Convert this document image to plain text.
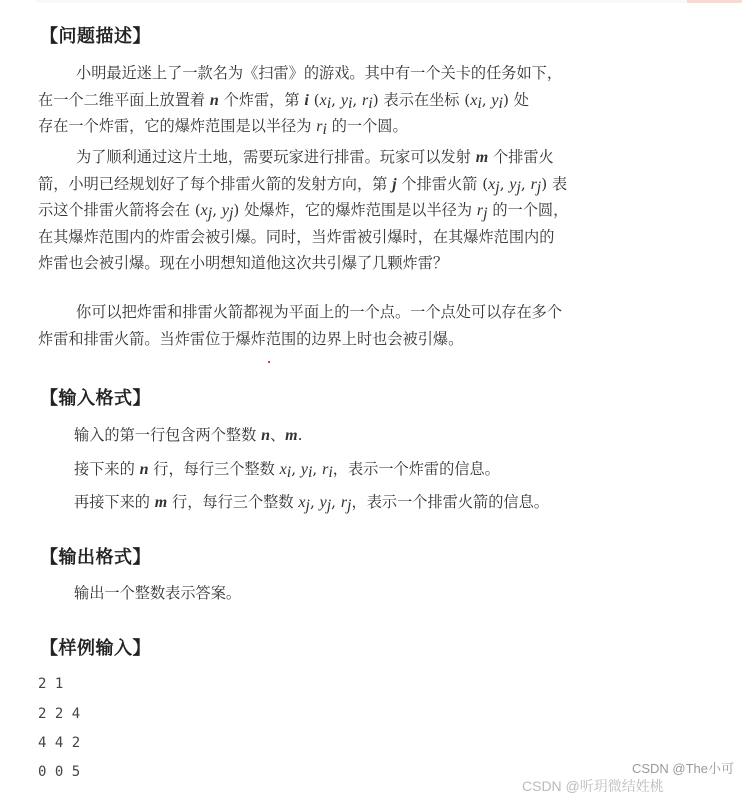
【问题描述】
小明最近迷上了一款名为《扫雷》的游戏。其中有一个关卡的任务如下，
在一个二维平面上放置着 n 个炸雷，第 i ($x_i$, $y_i$, $r_i$) 表示在坐标 ($x_i$, $y_i$) 处
存在一个炸雷，它的爆炸范围是以半径为 $r_i$ 的一个圆。
为了顺利通过这片土地，需要玩家进行排雷。玩家可以发射 m 个排雷火
箭，小明已经规划好了每个排雷火箭的发射方向，第 j 个排雷火箭 ($x_j$, $y_j$, $r_j$) 表
示这个排雷火箭将会在 ($x_j$, $y_j$) 处爆炸，它的爆炸范围是以半径为 $r_j$ 的一个圆，
在其爆炸范围内的炸雷会被引爆。同时，当炸雷被引爆时，在其爆炸范围内的
炸雷也会被引爆。现在小明想知道他这次共引爆了几颗炸雷？
你可以把炸雷和排雷火箭都视为平面上的一个点。一个点处可以存在多个
炸雷和排雷火箭。当炸雷位于爆炸范围的边界上时也会被引爆。
【输入格式】
输入的第一行包含两个整数 n、m.
接下来的 n 行，每行三个整数 $x_i$, $y_i$, $r_i$，表示一个炸雷的信息。
再接下来的 m 行，每行三个整数 $x_j$, $y_j$, $r_j$，表示一个排雷火箭的信息。
【输出格式】
输出一个整数表示答案。
【样例输入】
2 1
2 2 4
4 4 2
0 0 5	CSDN @The小可
CSDN @听玥微结姓桃
